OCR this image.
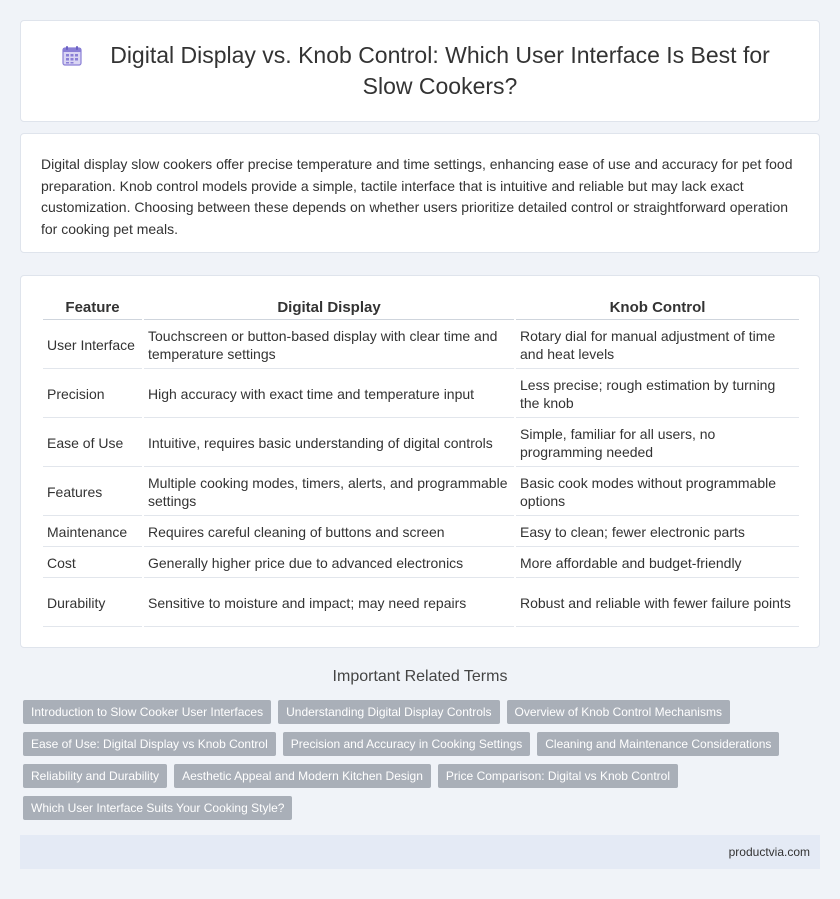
Digital Display vs. Knob Control: Which User Interface Is Best for Slow Cookers?

Digital display slow cookers offer precise temperature and time settings, enhancing ease of use and accuracy for pet food preparation. Knob control models provide a simple, tactile interface that is intuitive and reliable but may lack exact customization. Choosing between these depends on whether users prioritize detailed control or straightforward operation for cooking pet meals.

Feature	Digital Display	Knob Control
User Interface	Touchscreen or button-based display with clear time and temperature settings	Rotary dial for manual adjustment of time and heat levels
Precision	High accuracy with exact time and temperature input	Less precise; rough estimation by turning the knob
Ease of Use	Intuitive, requires basic understanding of digital controls	Simple, familiar for all users, no programming needed
Features	Multiple cooking modes, timers, alerts, and programmable settings	Basic cook modes without programmable options
Maintenance	Requires careful cleaning of buttons and screen	Easy to clean; fewer electronic parts
Cost	Generally higher price due to advanced electronics	More affordable and budget-friendly
Durability	Sensitive to moisture and impact; may need repairs	Robust and reliable with fewer failure points
Important Related Terms
Introduction to Slow Cooker User Interfaces	Understanding Digital Display Controls	Overview of Knob Control Mechanisms
Ease of Use: Digital Display vs Knob Control	Precision and Accuracy in Cooking Settings	Cleaning and Maintenance Considerations
Reliability and Durability	Aesthetic Appeal and Modern Kitchen Design	Price Comparison: Digital vs Knob Control
Which User Interface Suits Your Cooking Style?
productvia.com
